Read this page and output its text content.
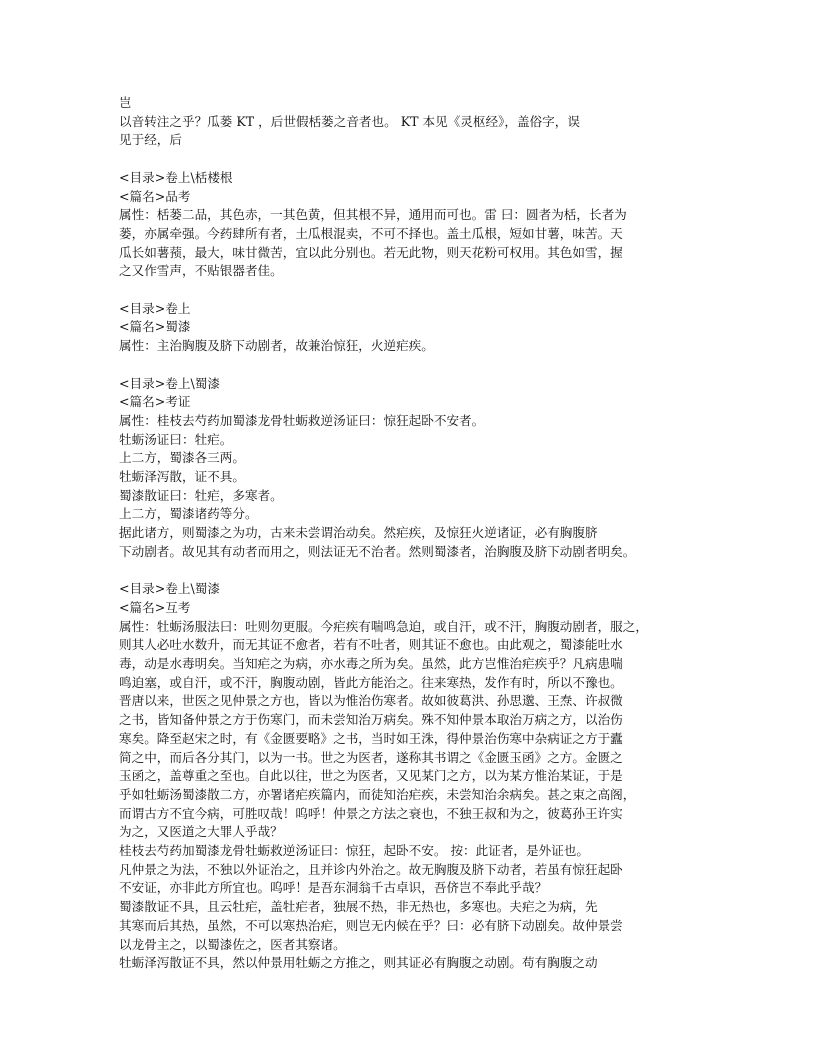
岂
以音转注之乎？瓜蒌 KT ，后世假栝蒌之音者也。 KT 本见《灵枢经》，盖俗字，误
见于经，后
<目录>卷上\栝楼根
<篇名>品考
属性：栝蒌二品，其色赤，一其色黄，但其根不异，通用而可也。雷 曰：圆者为栝，长者为
蒌，亦属牵强。今药肆所有者，土瓜根混卖，不可不择也。盖土瓜根，短如甘薯，味苦。天
瓜长如薯蓣，最大，味甘微苦，宜以此分别也。若无此物，则天花粉可权用。其色如雪，握
之又作雪声，不贴银器者佳。
<目录>卷上
<篇名>蜀漆
属性：主治胸腹及脐下动剧者，故兼治惊狂，火逆疟疾。
<目录>卷上\蜀漆
<篇名>考证
属性：桂枝去芍药加蜀漆龙骨牡蛎救逆汤证曰：惊狂起卧不安者。
牡蛎汤证曰：牡疟。
上二方，蜀漆各三两。
牡蛎泽泻散，证不具。
蜀漆散证曰：牡疟，多寒者。
上二方，蜀漆诸药等分。
据此诸方，则蜀漆之为功，古来未尝谓治动矣。然疟疾，及惊狂火逆诸证，必有胸腹脐
下动剧者。故见其有动者而用之，则法证无不治者。然则蜀漆者，治胸腹及脐下动剧者明矣。
<目录>卷上\蜀漆
<篇名>互考
属性：牡蛎汤服法曰：吐则勿更服。今疟疾有喘鸣急迫，或自汗，或不汗，胸腹动剧者，服之，
则其人必吐水数升，而无其证不愈者，若有不吐者，则其证不愈也。由此观之，蜀漆能吐水
毒，动是水毒明矣。当知疟之为病，亦水毒之所为矣。虽然，此方岂惟治疟疾乎？凡病患喘
鸣迫塞，或自汗，或不汗，胸腹动剧，皆此方能治之。往来寒热，发作有时，所以不豫也。
晋唐以来，世医之见仲景之方也，皆以为惟治伤寒者。故如彼葛洪、孙思邈、王焘、许叔微
之书，皆知备仲景之方于伤寒门，而未尝知治万病矣。殊不知仲景本取治万病之方，以治伤
寒矣。降至赵宋之时，有《金匮要略》之书，当时如王洙，得仲景治伤寒中杂病证之方于蠹
简之中，而后各分其门，以为一书。世之为医者，遂称其书谓之《金匮玉函》之方。金匮之
玉函之，盖尊重之至也。自此以往，世之为医者，又见某门之方，以为某方惟治某证，于是
乎如牡蛎汤蜀漆散二方，亦署诸疟疾篇内，而徒知治疟疾，未尝知治余病矣。甚之束之高阁，
而谓古方不宜今病，可胜叹哉！呜呼！仲景之方法之衰也，不独王叔和为之，彼葛孙王许实
为之，又医道之大罪人乎哉？
桂枝去芍药加蜀漆龙骨牡蛎救逆汤证曰：惊狂，起卧不安。 按：此证者，是外证也。
凡仲景之为法，不独以外证治之，且并诊内外治之。故无胸腹及脐下动者，若虽有惊狂起卧
不安证，亦非此方所宜也。呜呼！是吾东洞翁千古卓识，吾侪岂不奉此乎哉？
蜀漆散证不具，且云牡疟，盖牡疟者，独展不热，非无热也，多寒也。夫疟之为病，先
其寒而后其热，虽然，不可以寒热治疟，则岂无内候在乎？曰：必有脐下动剧矣。故仲景尝
以龙骨主之，以蜀漆佐之，医者其察诸。
牡蛎泽泻散证不具，然以仲景用牡蛎之方推之，则其证必有胸腹之动剧。苟有胸腹之动
